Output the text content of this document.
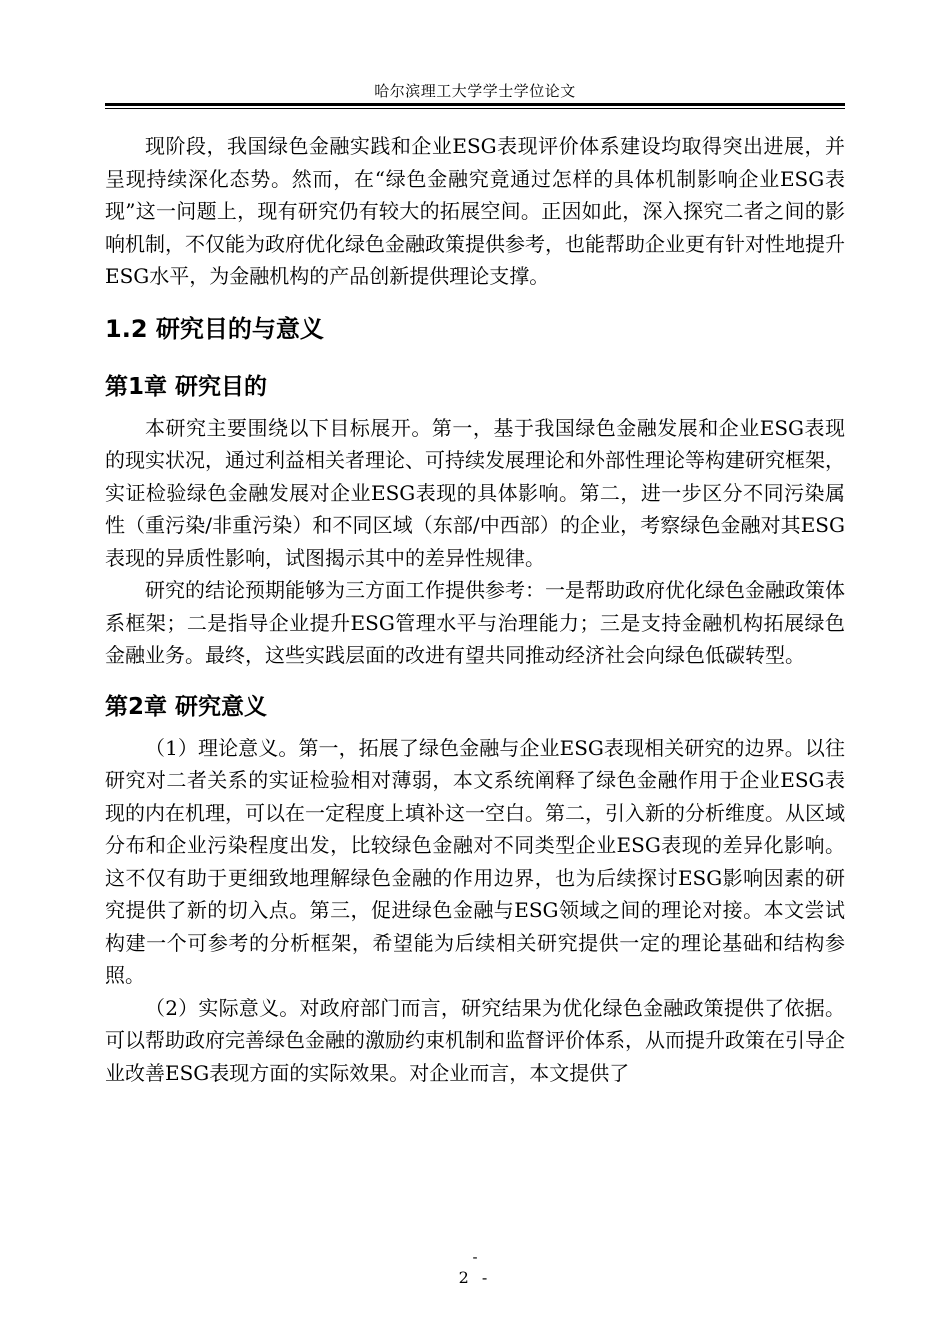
哈尔滨理工大学学士学位论文

现阶段，我国绿色金融实践和企业ESG表现评价体系建设均取得突出进展，并呈现持续深化态势。然而，在“绿色金融究竟通过怎样的具体机制影响企业ESG表现”这一问题上，现有研究仍有较大的拓展空间。正因如此，深入探究二者之间的影响机制，不仅能为政府优化绿色金融政策提供参考，也能帮助企业更有针对性地提升ESG水平，为金融机构的产品创新提供理论支撑。

1.2 研究目的与意义
第1章 研究目的

本研究主要围绕以下目标展开。第一，基于我国绿色金融发展和企业ESG表现的现实状况，通过利益相关者理论、可持续发展理论和外部性理论等构建研究框架，实证检验绿色金融发展对企业ESG表现的具体影响。第二，进一步区分不同污染属性（重污染/非重污染）和不同区域（东部/中西部）的企业，考察绿色金融对其ESG表现的异质性影响，试图揭示其中的差异性规律。

研究的结论预期能够为三方面工作提供参考：一是帮助政府优化绿色金融政策体系框架；二是指导企业提升ESG管理水平与治理能力；三是支持金融机构拓展绿色金融业务。最终，这些实践层面的改进有望共同推动经济社会向绿色低碳转型。

第2章 研究意义

（1）理论意义。第一，拓展了绿色金融与企业ESG表现相关研究的边界。以往研究对二者关系的实证检验相对薄弱，本文系统阐释了绿色金融作用于企业ESG表现的内在机理，可以在一定程度上填补这一空白。第二，引入新的分析维度。从区域分布和企业污染程度出发，比较绿色金融对不同类型企业ESG表现的差异化影响。这不仅有助于更细致地理解绿色金融的作用边界，也为后续探讨ESG影响因素的研究提供了新的切入点。第三，促进绿色金融与ESG领域之间的理论对接。本文尝试构建一个可参考的分析框架，希望能为后续相关研究提供一定的理论基础和结构参照。

（2）实际意义。对政府部门而言，研究结果为优化绿色金融政策提供了依据。可以帮助政府完善绿色金融的激励约束机制和监督评价体系，从而提升政策在引导企业改善ESG表现方面的实际效果。对企业而言，本文提供了

-
2 -
